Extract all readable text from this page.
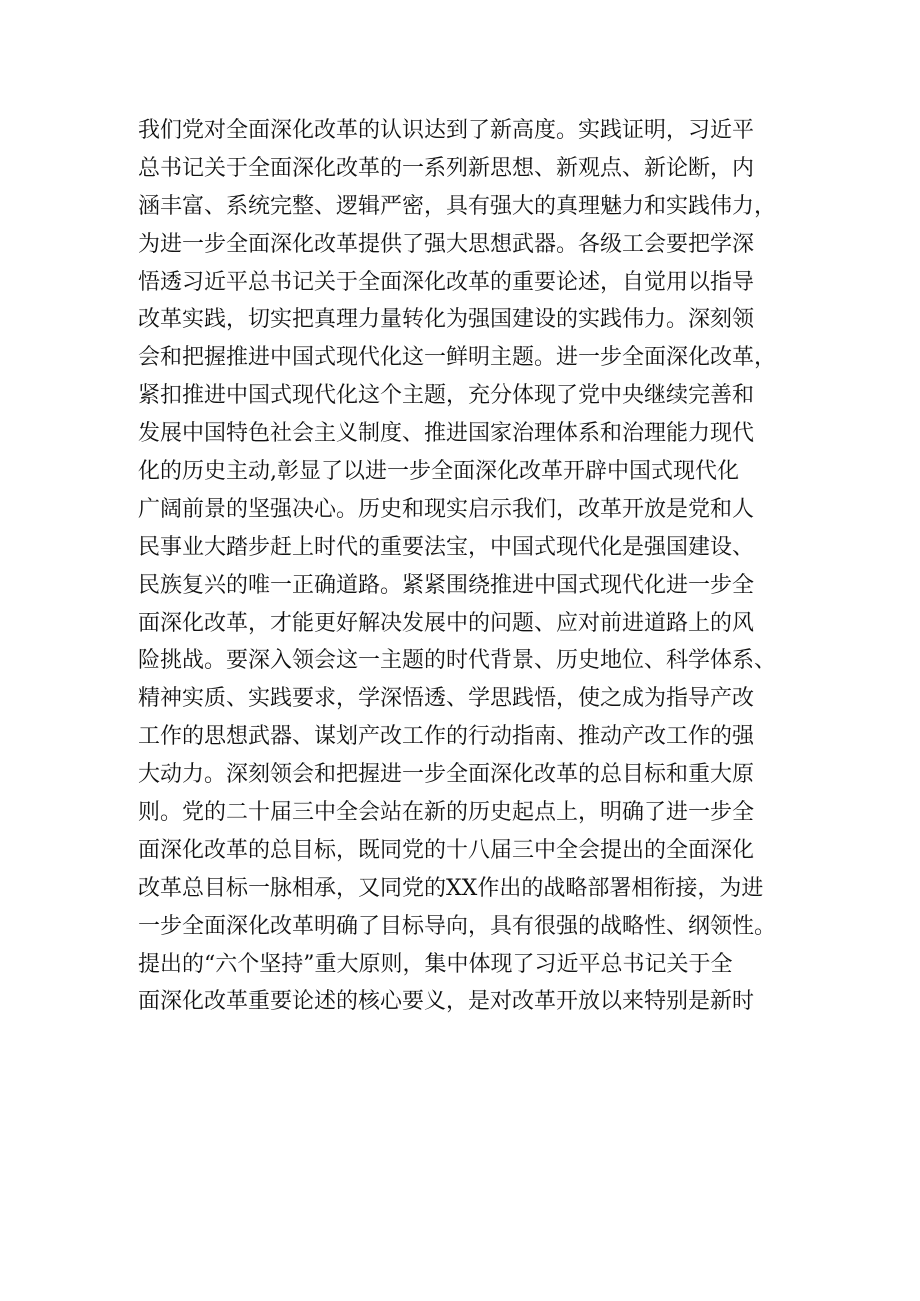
我们党对全面深化改革的认识达到了新高度。实践证明，习近平
总书记关于全面深化改革的一系列新思想、新观点、新论断，内
涵丰富、系统完整、逻辑严密，具有强大的真理魅力和实践伟力，
为进一步全面深化改革提供了强大思想武器。各级工会要把学深
悟透习近平总书记关于全面深化改革的重要论述，自觉用以指导
改革实践，切实把真理力量转化为强国建设的实践伟力。深刻领
会和把握推进中国式现代化这一鲜明主题。进一步全面深化改革，
紧扣推进中国式现代化这个主题，充分体现了党中央继续完善和
发展中国特色社会主义制度、推进国家治理体系和治理能力现代
化的历史主动,彰显了以进一步全面深化改革开辟中国式现代化
广阔前景的坚强决心。历史和现实启示我们，改革开放是党和人
民事业大踏步赶上时代的重要法宝，中国式现代化是强国建设、
民族复兴的唯一正确道路。紧紧围绕推进中国式现代化进一步全
面深化改革，才能更好解决发展中的问题、应对前进道路上的风
险挑战。要深入领会这一主题的时代背景、历史地位、科学体系、
精神实质、实践要求，学深悟透、学思践悟，使之成为指导产改
工作的思想武器、谋划产改工作的行动指南、推动产改工作的强
大动力。深刻领会和把握进一步全面深化改革的总目标和重大原
则。党的二十届三中全会站在新的历史起点上，明确了进一步全
面深化改革的总目标，既同党的十八届三中全会提出的全面深化
改革总目标一脉相承，又同党的XX作出的战略部署相衔接，为进
一步全面深化改革明确了目标导向，具有很强的战略性、纲领性。
提出的“六个坚持”重大原则，集中体现了习近平总书记关于全
面深化改革重要论述的核心要义，是对改革开放以来特别是新时
